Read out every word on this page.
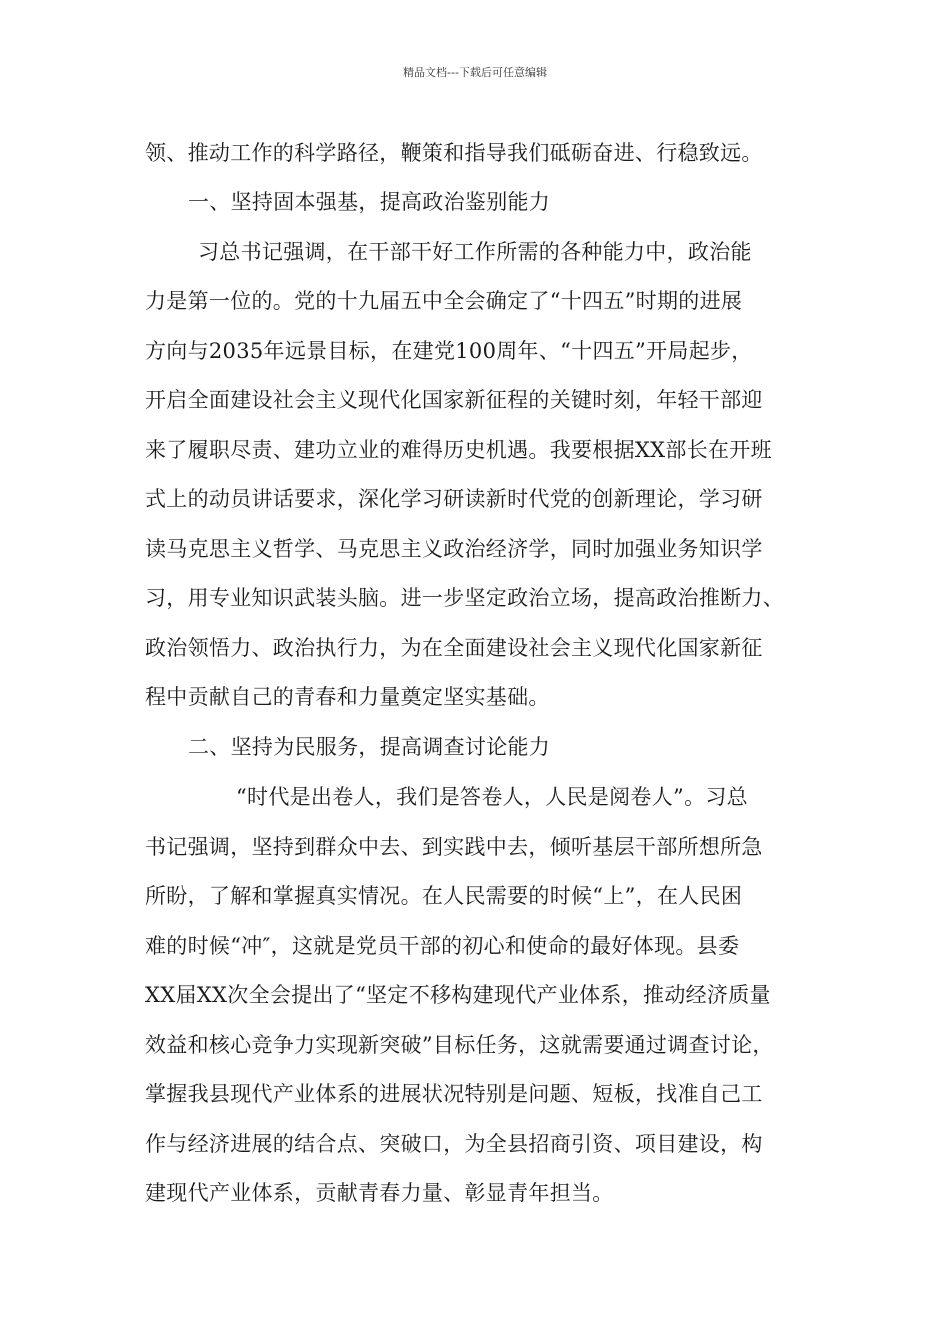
精品文档---下载后可任意编辑
领、推动工作的科学路径，鞭策和指导我们砥砺奋进、行稳致远。
一、坚持固本强基，提高政治鉴别能力
习总书记强调，在干部干好工作所需的各种能力中，政治能
力是第一位的。党的十九届五中全会确定了“十四五”时期的进展
方向与2035年远景目标，在建党100周年、“十四五”开局起步，
开启全面建设社会主义现代化国家新征程的关键时刻，年轻干部迎
来了履职尽责、建功立业的难得历史机遇。我要根据XX部长在开班
式上的动员讲话要求，深化学习研读新时代党的创新理论，学习研
读马克思主义哲学、马克思主义政治经济学，同时加强业务知识学
习，用专业知识武装头脑。进一步坚定政治立场，提高政治推断力、
政治领悟力、政治执行力，为在全面建设社会主义现代化国家新征
程中贡献自己的青春和力量奠定坚实基础。
二、坚持为民服务，提高调查讨论能力
“时代是出卷人，我们是答卷人，人民是阅卷人”。习总
书记强调，坚持到群众中去、到实践中去，倾听基层干部所想所急
所盼，了解和掌握真实情况。在人民需要的时候“上”，在人民困
难的时候“冲″，这就是党员干部的初心和使命的最好体现。县委
XX届XX次全会提出了“坚定不移构建现代产业体系，推动经济质量
效益和核心竞争力实现新突破”目标任务，这就需要通过调查讨论，
掌握我县现代产业体系的进展状况特别是问题、短板，找准自己工
作与经济进展的结合点、突破口，为全县招商引资、项目建设，构
建现代产业体系，贡献青春力量、彰显青年担当。
